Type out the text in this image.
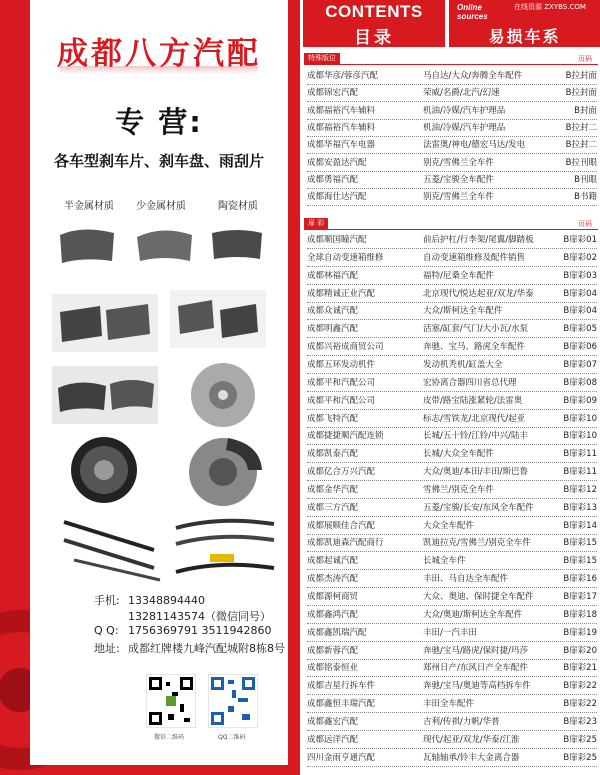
成都八方汽配
专 营:
各车型刹车片、刹车盘、雨刮片
半金属材质 少金属材质	陶瓷材质
手机: 13348894440
13281143574（微信同号）
Q Q: 1756369791 3511942860
地址: 成都红牌楼九峰汽配城附8栋8号
微信二维码	QQ二维码
CONTENTS
目录
Online sources
在线资源 ZXYBS.COM
易损车系
特殊版位	页码
成都华彦/蓉彦汽配	马自达/大众/奔腾全车配件	B拉封面
成都锦宏汽配	荣威/名爵/北汽/幻速	B拉封面
成都福裕汽车辅料	机油/冷媒/汽车护理品	B封面
成都福裕汽车辅料	机油/冷媒/汽车护理品	B拉封二
成都华福汽车电器	法雷奥/神电/德宏马达/发电	B拉封二
成都安盈达汽配	别克/雪佛兰全车件	B拉刊眼
成都勇福汽配	五菱/宝骏全车配件	B刊眼
成都海仕达汽配	别克/雪佛兰全车件	B书籍
扉 彩	页码
成都顺国瞳汽配	前后护杠/行李架/尾翼/脚踏板	B扉彩01
全球自动变速箱维修	自动变速箱维修及配件销售	B扉彩02
成都林福汽配	福特/尼桑全车配件	B扉彩03
成都精诚正业汽配	北京现代/悦达起亚/双龙/华泰	B扉彩04
成都众诚汽配	大众/斯柯达全车配件	B扉彩04
成都明鑫汽配	活塞/缸套/气门/大小瓦/水泵	B扉彩05
成都兴裕成商贸公司	奔驰、宝马、路虎全车配件	B扉彩06
成都五环发动机件	发动机秃机/缸盖大全	B扉彩07
成都平和汽配公司	宏协离合器四川省总代理	B扉彩08
成都平和汽配公司	皮带/路宝陆涨紧轮/法雷奥	B扉彩09
成都飞特汽配	标志/雪铁龙/北京现代/起亚	B扉彩10
成都捷捷顺汽配连锁	长城/五十铃/江铃/中兴/陆丰	B扉彩10
成都凯泰汽配	长城/大众全车配件	B扉彩11
成都亿合万兴汽配	大众/奥迪/本田/丰田/斯巴鲁	B扉彩11
成都金华汽配	雪佛兰/别克全车件	B扉彩12
成都三方汽配	五菱/宝骏/长安/东风全车配件	B扉彩13
成都展顺佳合汽配	大众全车配件	B扉彩14
成都凯迪森汽配商行	凯迪拉克/雪佛兰/别克全车件	B扉彩15
成都起诚汽配	长城全车件	B扉彩15
成都杰涛汽配	丰田、马自达全车配件	B扉彩16
成都源柯商贸	大众、奥迪、保时捷全车配件	B扉彩17
成都鑫鸿汽配	大众/奥迪/斯柯达全车配件	B扉彩18
成都鑫凯瑞汽配	丰田/一汽丰田	B扉彩19
成都新蓉汽配	奔驰/宝马/路虎/保时捷/玛莎	B扉彩20
成都铭泰恒业	郑州日产/东风日产全车配件	B扉彩21
成都吉星行拆车件	奔驰/宝马/奥迪等高档拆车件	B扉彩22
成都鑫恒丰瑞汽配	丰田全车配件	B扉彩22
成都鑫宏汽配	吉利/传祺/力帆/华普	B扉彩23
成都远洋汽配	现代/起亚/双龙/华泰/江淮	B扉彩25
四川金雨亨通汽配	瓦轴轴承/铃丰大金离合器	B扉彩25
